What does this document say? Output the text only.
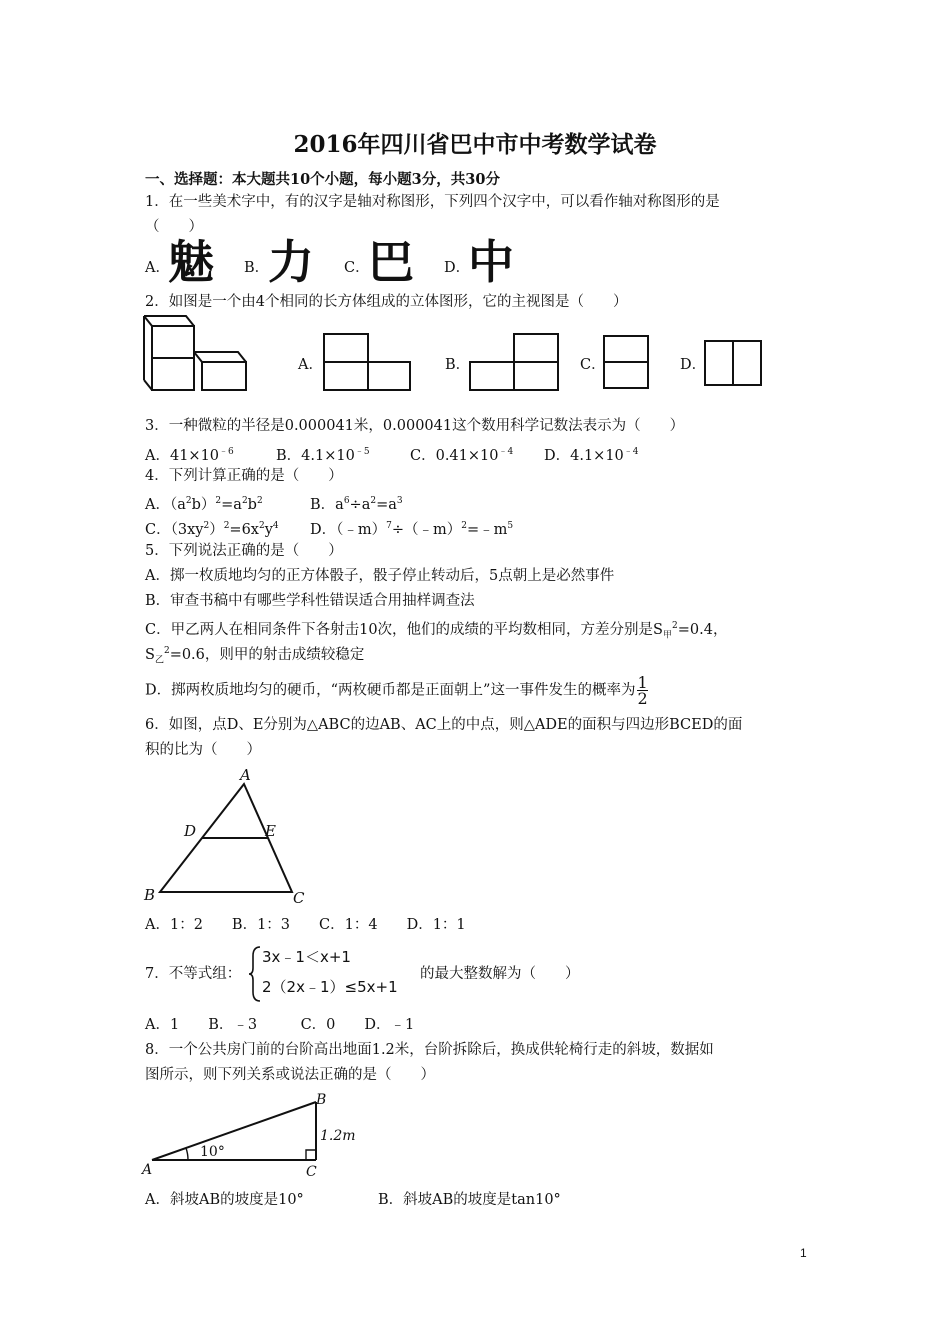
2016年四川省巴中市中考数学试卷
一、选择题：本大题共10个小题，每小题3分，共30分
1．在一些美术字中，有的汉字是轴对称图形，下列四个汉字中，可以看作轴对称图形的是
（　　）
A．
魅 B．
力 C．
巴 D．
中
2．如图是一个由4个相同的长方体组成的立体图形，它的主视图是（　　）
A．	B．	C．	D．
3．一种微粒的半径是0.000041米，0.000041这个数用科学记数法表示为（　　）
A．$41\times 10^{﹣6}$	B．$4.1\times 10^{﹣5}$	C．$0.41\times 10^{﹣4}$ D．$4.1\times 10^{﹣4}$
4．下列计算正确的是（　　）
A．$(a^2b)^2=a^2b^2$	B．$a^6\div a^2=a^3$
C．$(3xy^2)^2=6x^2y^4$ D．$(﹣m)^7\div(﹣m)^2=﹣m^5$
5．下列说法正确的是（　　）
A．掷一枚质地均匀的正方体骰子，骰子停止转动后，5点朝上是必然事件
B．审查书稿中有哪些学科性错误适合用抽样调查法
C．甲乙两人在相同条件下各射击10次，他们的成绩的平均数相同，方差分别是$S_甲^2=0.4$，
$S_乙^2=0.6$，则甲的射击成绩较稳定
D．掷两枚质地均匀的硬币，“两枚硬币都是正面朝上”这一事件发生的概率为 $\frac{1}{2}$
6．如图，点D、E分别为△ABC的边AB、AC上的中点，则△ADE的面积与四边形BCED的面
积的比为（　　）
A
D	E
B	C
A．1：2　　B．1：3　　C．1：4　　D．1：1
7．不等式组：
3x﹣1＜x+1
2（2x﹣1）≤5x+1
的最大整数解为（　　）
A．1　　B．﹣3　　　C．0　　D．﹣1
8．一个公共房门前的台阶高出地面1.2米，台阶拆除后，换成供轮椅行走的斜坡，数据如
图所示，则下列关系或说法正确的是（　　）
A
B
C
10°
1.2m
A．斜坡AB的坡度是10°	B．斜坡AB的坡度是tan10°
1
